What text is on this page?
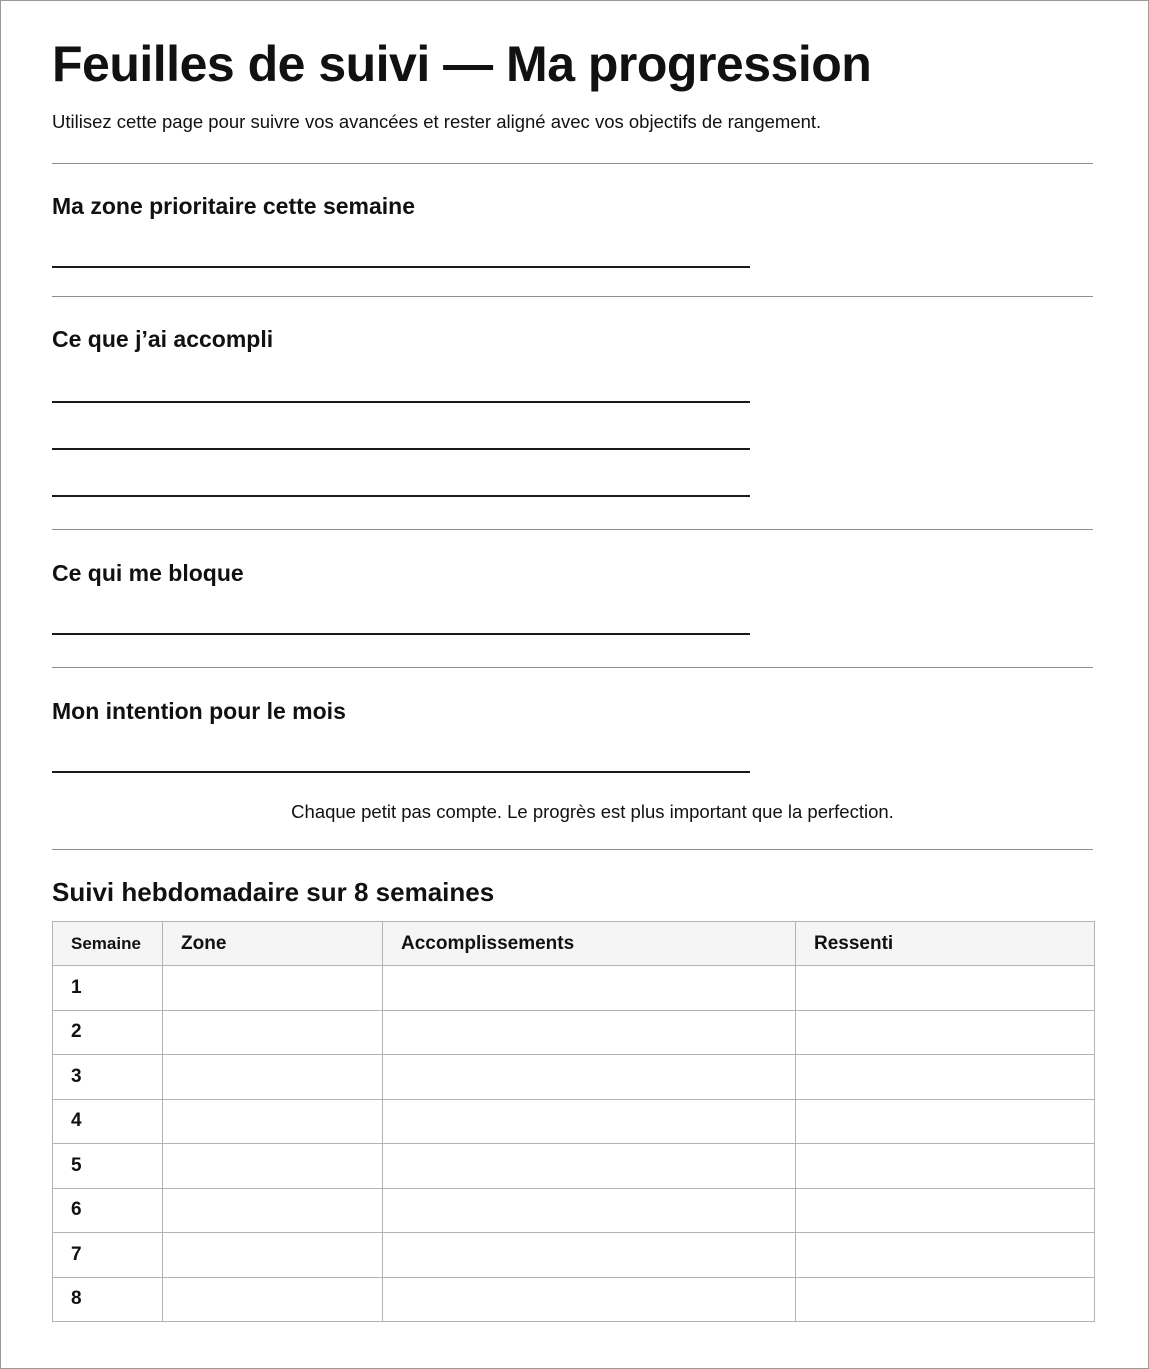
Feuilles de suivi — Ma progression

Utilisez cette page pour suivre vos avancées et rester aligné avec vos objectifs de rangement.

Ma zone prioritaire cette semaine
Ce que j’ai accompli
Ce qui me bloque
Mon intention pour le mois

Chaque petit pas compte. Le progrès est plus important que la perfection.

Suivi hebdomadaire sur 8 semaines
Semaine	Zone	Accomplissements	Ressenti
1			
2			
3			
4			
5			
6			
7			
8			
